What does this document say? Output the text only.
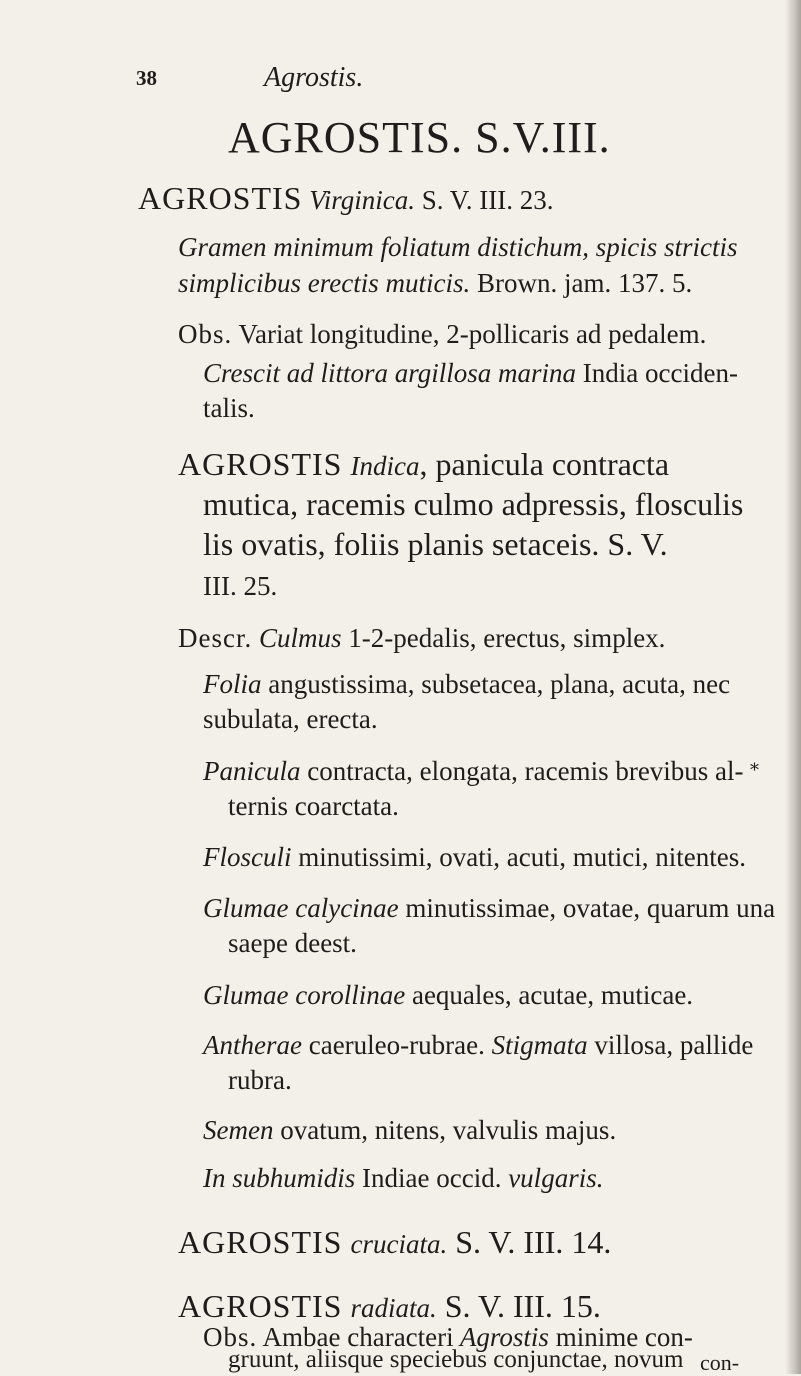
38	Agrostis.
AGROSTIS. S.V.III.
AGROSTIS Virginica. S. V. III. 23.
Gramen minimum foliatum distichum, spicis strictis
simplicibus erectis muticis. Brown. jam. 137. 5.
Obs. Variat longitudine, 2-pollicaris ad pedalem.
Crescit ad littora argillosa marina India occiden-
talis.
AGROSTIS Indica, panicula contracta
mutica, racemis culmo adpressis, flosculis
lis ovatis, foliis planis setaceis. S. V.
III. 25.
Descr. Culmus 1-2-pedalis, erectus, simplex.
Folia angustissima, subsetacea, plana, acuta, nec
subulata, erecta.
Panicula contracta, elongata, racemis brevibus al-
ternis coarctata.
Flosculi minutissimi, ovati, acuti, mutici, nitentes.
Glumae calycinae minutissimae, ovatae, quarum una
saepe deest.
Glumae corollinae aequales, acutae, muticae.
Antherae caeruleo-rubrae. Stigmata villosa, pallide
rubra.
Semen ovatum, nitens, valvulis majus.
In subhumidis Indiae occid. vulgaris.
AGROSTIS cruciata. S. V. III. 14.
AGROSTIS radiata. S. V. III. 15.
Obs. Ambae characteri Agrostis minime con-
gruunt, aliisque speciebus conjunctae, novum con-
*
